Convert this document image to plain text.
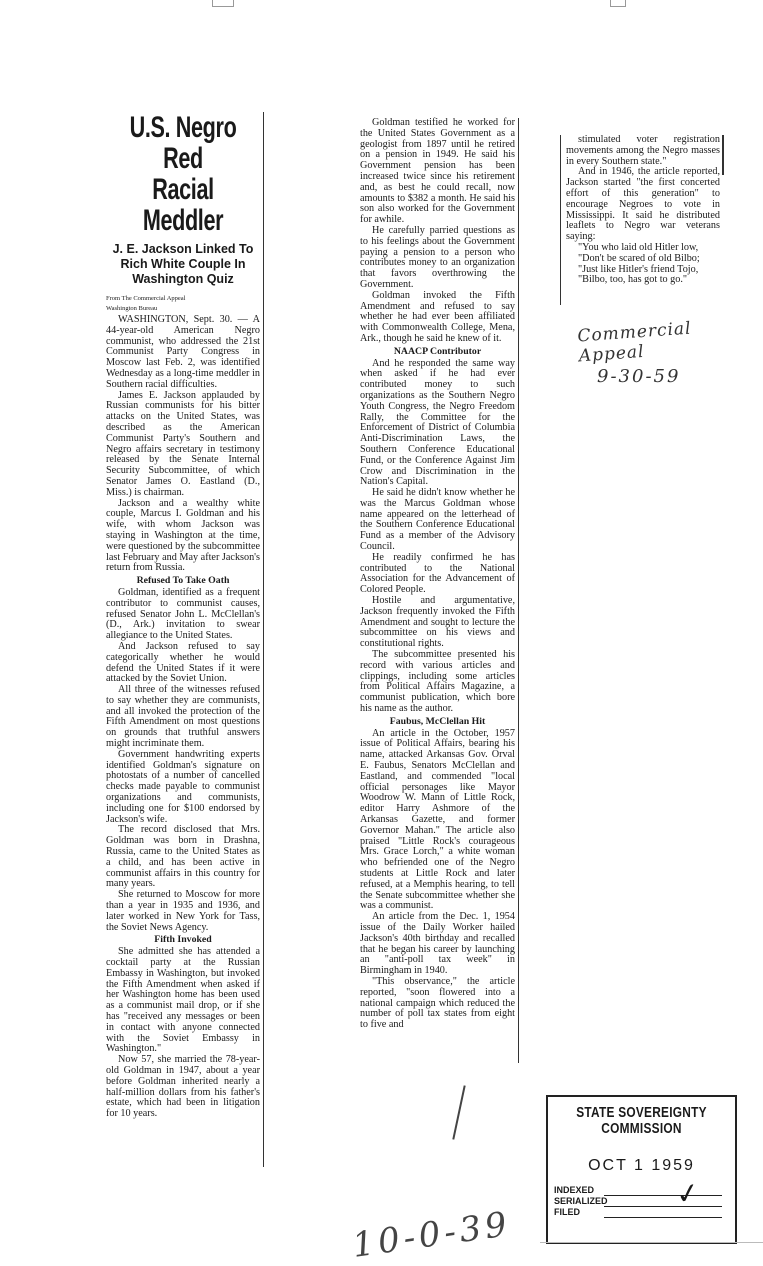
U.S. Negro Red
Racial Meddler
J. E. Jackson Linked To Rich White Couple In Washington Quiz
From The Commercial Appeal
Washington Bureau

WASHINGTON, Sept. 30. — A 44-year-old American Negro communist, who addressed the 21st Communist Party Congress in Moscow last Feb. 2, was identified Wednesday as a long-time meddler in Southern racial difficulties.

James E. Jackson applauded by Russian communists for his bitter attacks on the United States, was described as the American Communist Party's Southern and Negro affairs secretary in testimony released by the Senate Internal Security Subcommittee, of which Senator James O. Eastland (D., Miss.) is chairman.

Jackson and a wealthy white couple, Marcus I. Goldman and his wife, with whom Jackson was staying in Washington at the time, were questioned by the subcommittee last February and May after Jackson's return from Russia.

Refused To Take Oath

Goldman, identified as a frequent contributor to communist causes, refused Senator John L. McClellan's (D., Ark.) invitation to swear allegiance to the United States.

And Jackson refused to say categorically whether he would defend the United States if it were attacked by the Soviet Union.

All three of the witnesses refused to say whether they are communists, and all invoked the protection of the Fifth Amendment on most questions on grounds that truthful answers might incriminate them.

Government handwriting experts identified Goldman's signature on photostats of a number of cancelled checks made payable to communist organizations and communists, including one for $100 endorsed by Jackson's wife.

The record disclosed that Mrs. Goldman was born in Drashna, Russia, came to the United States as a child, and has been active in communist affairs in this country for many years.

She returned to Moscow for more than a year in 1935 and 1936, and later worked in New York for Tass, the Soviet News Agency.

Fifth Invoked

She admitted she has attended a cocktail party at the Russian Embassy in Washington, but invoked the Fifth Amendment when asked if her Washington home has been used as a communist mail drop, or if she has "received any messages or been in contact with anyone connected with the Soviet Embassy in Washington."

Now 57, she married the 78-year-old Goldman in 1947, about a year before Goldman inherited nearly a half-million dollars from his father's estate, which had been in litigation for 10 years.

Goldman testified he worked for the United States Government as a geologist from 1897 until he retired on a pension in 1949. He said his Government pension has been increased twice since his retirement and, as best he could recall, now amounts to $382 a month. He said his son also worked for the Government for awhile.

He carefully parried questions as to his feelings about the Government paying a pension to a person who contributes money to an organization that favors overthrowing the Government.

Goldman invoked the Fifth Amendment and refused to say whether he had ever been affiliated with Commonwealth College, Mena, Ark., though he said he knew of it.

NAACP Contributor

And he responded the same way when asked if he had ever contributed money to such organizations as the Southern Negro Youth Congress, the Negro Freedom Rally, the Committee for the Enforcement of District of Columbia Anti-Discrimination Laws, the Southern Conference Educational Fund, or the Conference Against Jim Crow and Discrimination in the Nation's Capital.

He said he didn't know whether he was the Marcus Goldman whose name appeared on the letterhead of the Southern Conference Educational Fund as a member of the Advisory Council.

He readily confirmed he has contributed to the National Association for the Advancement of Colored People.

Hostile and argumentative, Jackson frequently invoked the Fifth Amendment and sought to lecture the subcommittee on his views and constitutional rights.

The subcommittee presented his record with various articles and clippings, including some articles from Political Affairs Magazine, a communist publication, which bore his name as the author.

Faubus, McClellan Hit

An article in the October, 1957 issue of Political Affairs, bearing his name, attacked Arkansas Gov. Orval E. Faubus, Senators McClellan and Eastland, and commended "local official personages like Mayor Woodrow W. Mann of Little Rock, editor Harry Ashmore of the Arkansas Gazette, and former Governor Mahan." The article also praised "Little Rock's courageous Mrs. Grace Lorch," a white woman who befriended one of the Negro students at Little Rock and later refused, at a Memphis hearing, to tell the Senate subcommittee whether she was a communist.

An article from the Dec. 1, 1954 issue of the Daily Worker hailed Jackson's 40th birthday and recalled that he began his career by launching an "anti-poll tax week" in Birmingham in 1940.

"This observance," the article reported, "soon flowered into a national campaign which reduced the number of poll tax states from eight to five and

stimulated voter registration movements among the Negro masses in every Southern state."

And in 1946, the article reported, Jackson started "the first concerted effort of this generation" to encourage Negroes to vote in Mississippi. It said he distributed leaflets to Negro war veterans saying:

"You who laid old Hitler low,

"Don't be scared of old Bilbo;

"Just like Hitler's friend Tojo,

"Bilbo, too, has got to go."

Commercial Appeal
9-30-59
10-0-39
STATE SOVEREIGNTY COMMISSION
OCT 1 1959
INDEXED
SERIALIZED
FILED
✓
